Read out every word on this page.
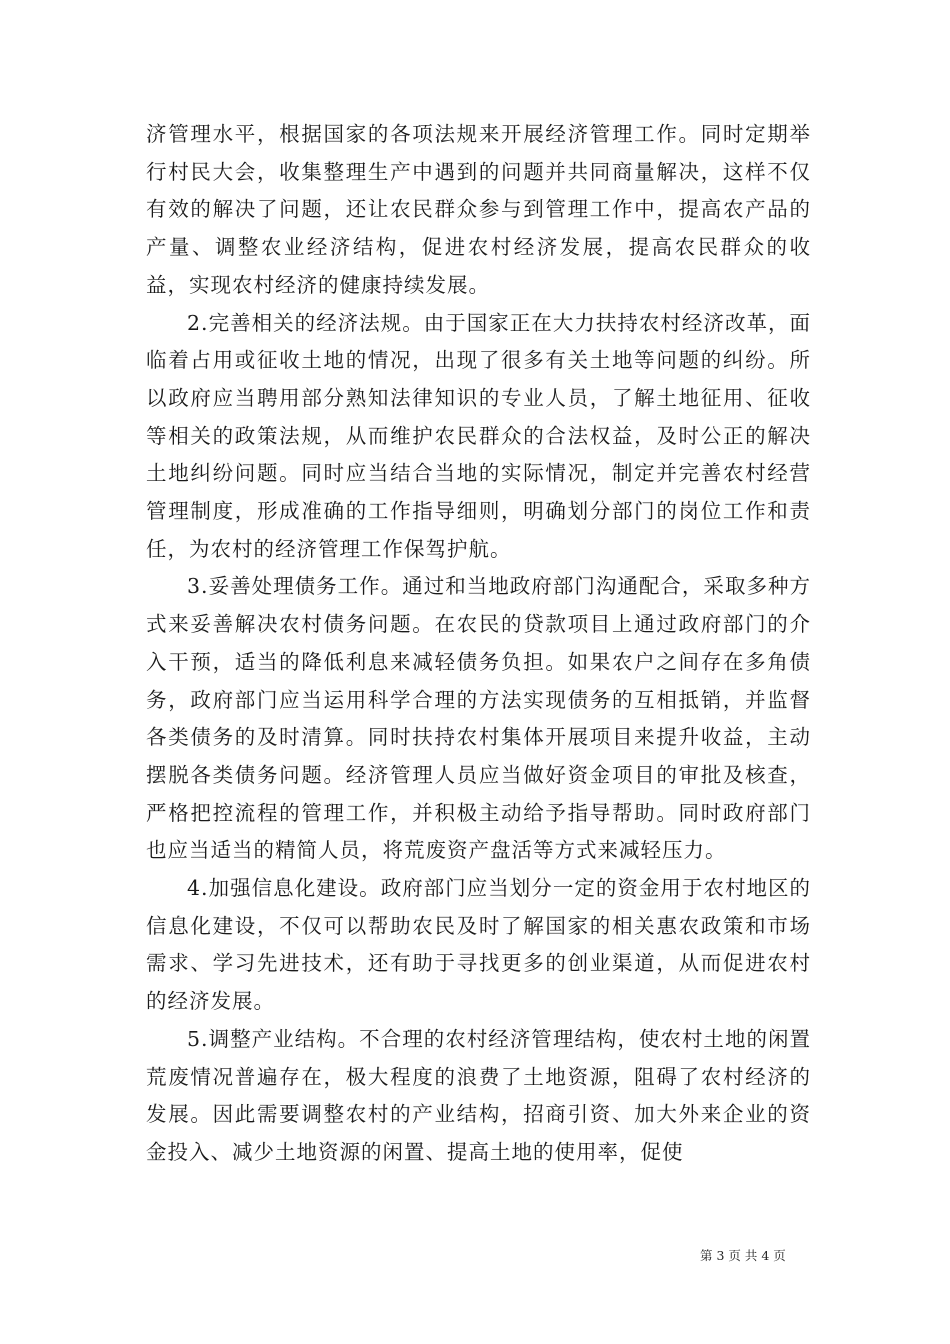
济管理水平，根据国家的各项法规来开展经济管理工作。同时定期举行村民大会，收集整理生产中遇到的问题并共同商量解决，这样不仅有效的解决了问题，还让农民群众参与到管理工作中，提高农产品的产量、调整农业经济结构，促进农村经济发展，提高农民群众的收益，实现农村经济的健康持续发展。

2.完善相关的经济法规。由于国家正在大力扶持农村经济改革，面临着占用或征收土地的情况，出现了很多有关土地等问题的纠纷。所以政府应当聘用部分熟知法律知识的专业人员，了解土地征用、征收等相关的政策法规，从而维护农民群众的合法权益，及时公正的解决土地纠纷问题。同时应当结合当地的实际情况，制定并完善农村经营管理制度，形成准确的工作指导细则，明确划分部门的岗位工作和责任，为农村的经济管理工作保驾护航。

3.妥善处理债务工作。通过和当地政府部门沟通配合，采取多种方式来妥善解决农村债务问题。在农民的贷款项目上通过政府部门的介入干预，适当的降低利息来减轻债务负担。如果农户之间存在多角债务，政府部门应当运用科学合理的方法实现债务的互相抵销，并监督各类债务的及时清算。同时扶持农村集体开展项目来提升收益，主动摆脱各类债务问题。经济管理人员应当做好资金项目的审批及核查，严格把控流程的管理工作，并积极主动给予指导帮助。同时政府部门也应当适当的精简人员，将荒废资产盘活等方式来减轻压力。

4.加强信息化建设。政府部门应当划分一定的资金用于农村地区的信息化建设，不仅可以帮助农民及时了解国家的相关惠农政策和市场需求、学习先进技术，还有助于寻找更多的创业渠道，从而促进农村的经济发展。

5.调整产业结构。不合理的农村经济管理结构，使农村土地的闲置荒废情况普遍存在，极大程度的浪费了土地资源，阻碍了农村经济的发展。因此需要调整农村的产业结构，招商引资、加大外来企业的资金投入、减少土地资源的闲置、提高土地的使用率，促使

第 3 页 共 4 页
